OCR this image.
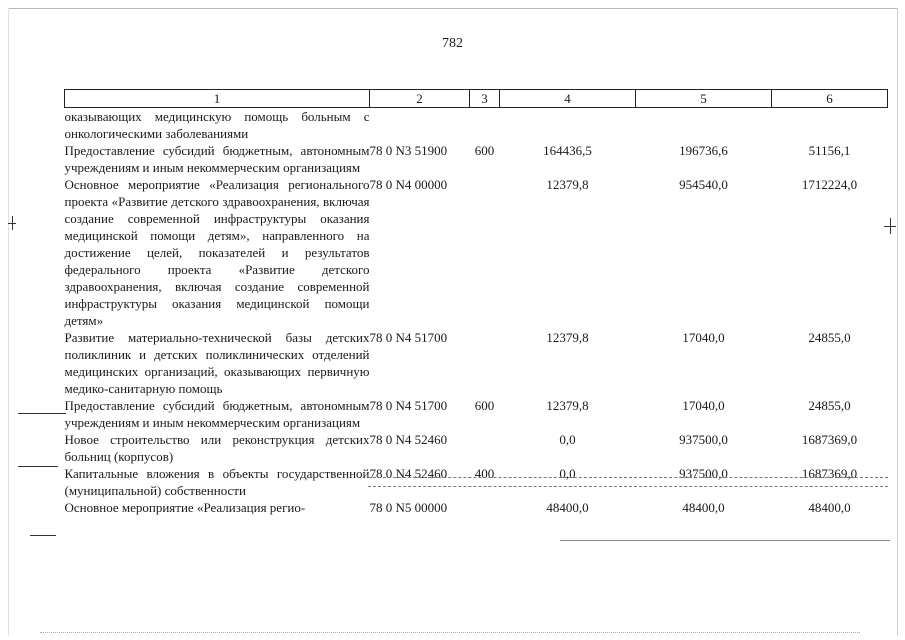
782
1	2	3	4	5	6
оказывающих медицинскую помощь больным с онкологическими заболеваниями					
Предоставление субсидий бюджетным, автономным учреждениям и иным некоммерческим организациям	78 0 N3 51900	600	164436,5	196736,6	51156,1
Основное мероприятие «Реализация регионального проекта «Развитие детского здравоохранения, включая создание современной инфраструктуры оказания медицинской помощи детям», направленного на достижение целей, показателей и результатов федерального проекта «Развитие детского здравоохранения, включая создание современной инфраструктуры оказания медицинской помощи детям»	78 0 N4 00000		12379,8	954540,0	1712224,0
Развитие материально-технической базы детских поликлиник и детских поликлинических отделений медицинских организаций, оказывающих первичную медико-санитарную помощь	78 0 N4 51700		12379,8	17040,0	24855,0
Предоставление субсидий бюджетным, автономным учреждениям и иным некоммерческим организациям	78 0 N4 51700	600	12379,8	17040,0	24855,0
Новое строительство или реконструкция детских больниц (корпусов)	78 0 N4 52460		0,0	937500,0	1687369,0
Капитальные вложения в объекты государственной (муниципальной) собственности	78 0 N4 52460	400	0,0	937500,0	1687369,0
Основное мероприятие «Реализация регио-	78 0 N5 00000		48400,0	48400,0	48400,0
